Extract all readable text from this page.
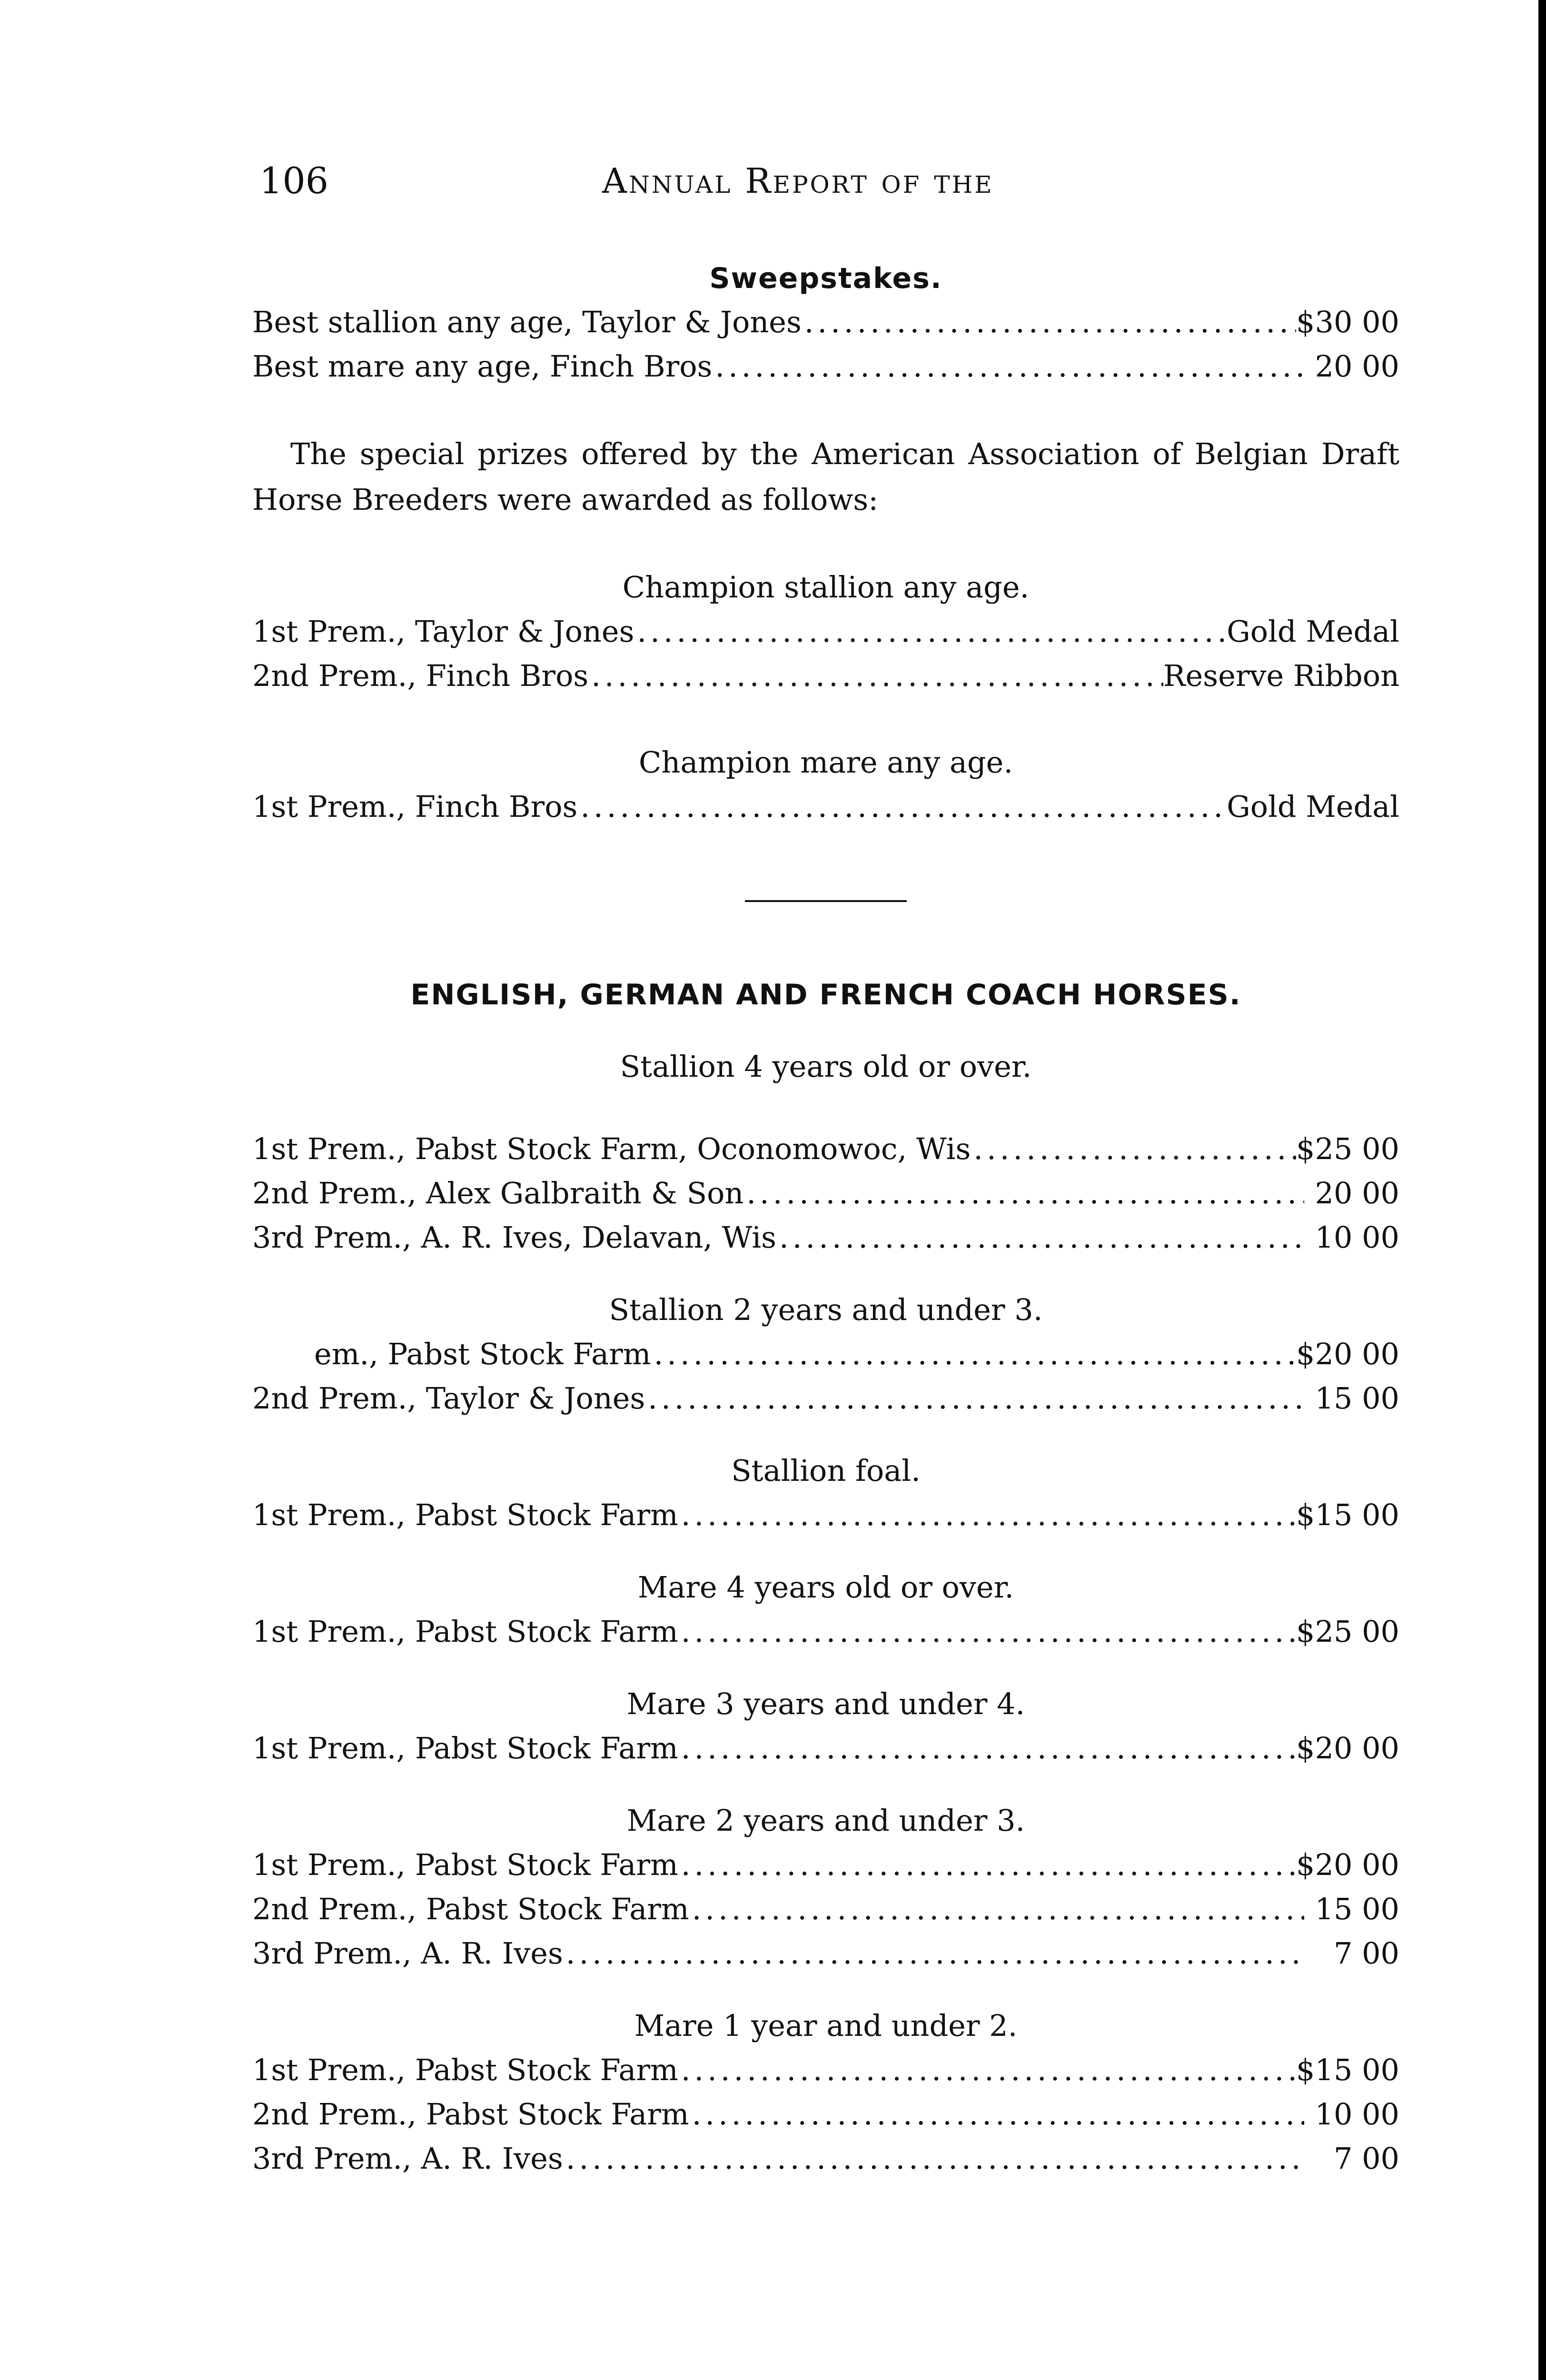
106	Annual Report of the
Sweepstakes.
Best stallion any age, Taylor & Jones .....	$30 00
Best mare any age, Finch Bros .....	20 00
The special prizes offered by the American Association of Belgian Draft Horse Breeders were awarded as follows:
Champion stallion any age.
1st Prem., Taylor & Jones .....	Gold Medal
2nd Prem., Finch Bros .....	Reserve Ribbon
Champion mare any age.
1st Prem., Finch Bros .....	Gold Medal
ENGLISH, GERMAN AND FRENCH COACH HORSES.
Stallion 4 years old or over.
1st Prem., Pabst Stock Farm, Oconomowoc, Wis .....	$25 00
2nd Prem., Alex Galbraith & Son .....	20 00
3rd Prem., A. R. Ives, Delavan, Wis .....	10 00
Stallion 2 years and under 3.
em., Pabst Stock Farm .....	$20 00
2nd Prem., Taylor & Jones .....	15 00
Stallion foal.
1st Prem., Pabst Stock Farm .....	$15 00
Mare 4 years old or over.
1st Prem., Pabst Stock Farm .....	$25 00
Mare 3 years and under 4.
1st Prem., Pabst Stock Farm .....	$20 00
Mare 2 years and under 3.
1st Prem., Pabst Stock Farm .....	$20 00
2nd Prem., Pabst Stock Farm .....	15 00
3rd Prem., A. R. Ives .....	7 00
Mare 1 year and under 2.
1st Prem., Pabst Stock Farm .....	$15 00
2nd Prem., Pabst Stock Farm .....	10 00
3rd Prem., A. R. Ives .....	7 00
